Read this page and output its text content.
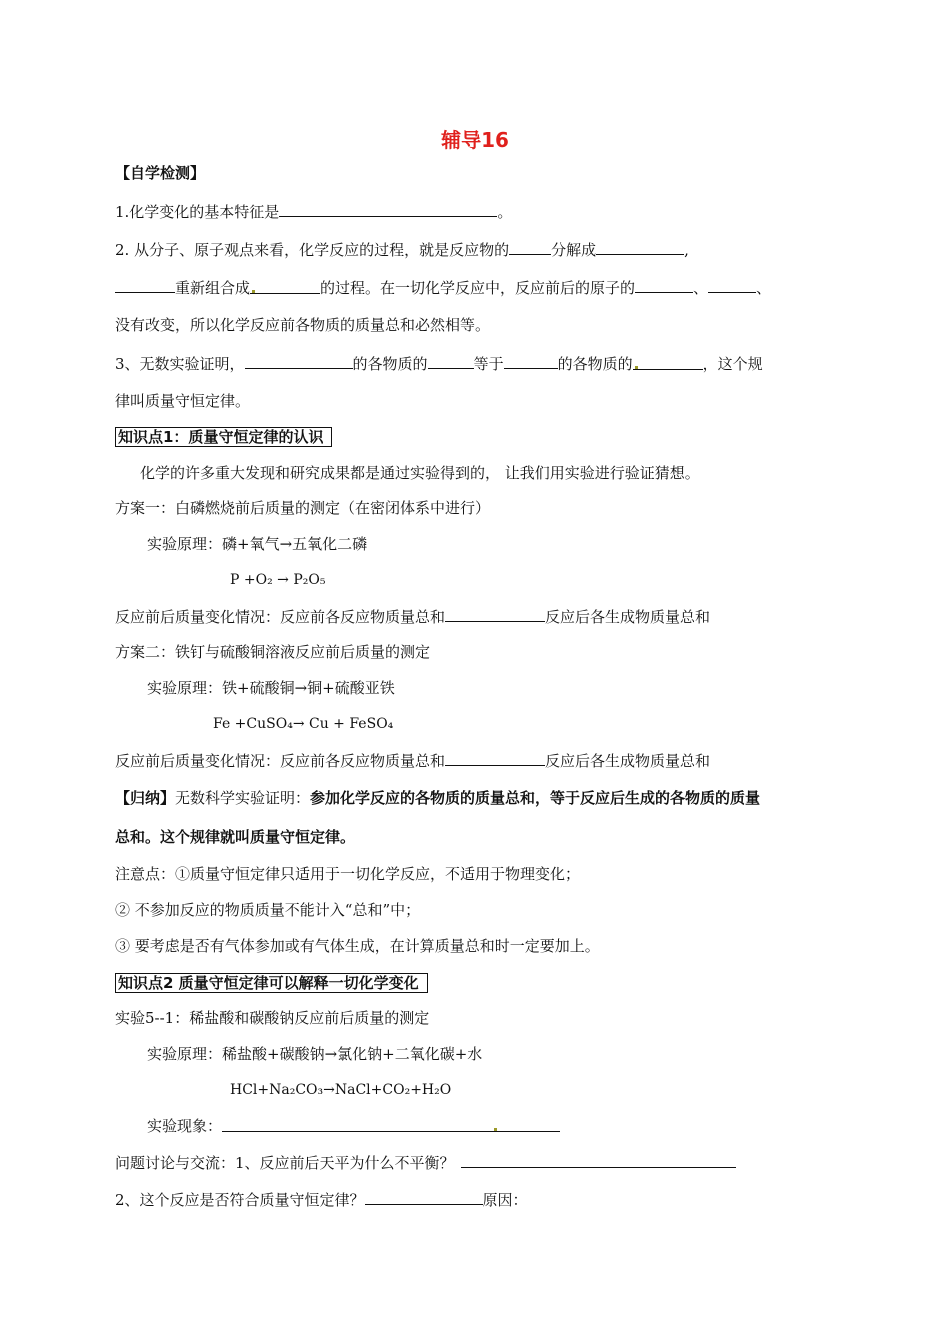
辅导16
【自学检测】
1.化学变化的基本特征是	。
2. 从分子、原子观点来看，化学反应的过程，就是反应物的	分解成	,
重新组合成	的过程。在一切化学反应中，反应前后的原子的	、	、
没有改变，所以化学反应前各物质的质量总和必然相等。
3、无数实验证明，	的各物质的	等于	的各物质的	，这个规
律叫质量守恒定律。
知识点1：质量守恒定律的认识
化学的许多重大发现和研究成果都是通过实验得到的， 让我们用实验进行验证猜想。
方案一：白磷燃烧前后质量的测定（在密闭体系中进行）
实验原理：磷+氧气→五氧化二磷
P +O₂ → P₂O₅
反应前后质量变化情况：反应前各反应物质量总和	反应后各生成物质量总和
方案二：铁钉与硫酸铜溶液反应前后质量的测定
实验原理：铁+硫酸铜→铜+硫酸亚铁
Fe +CuSO₄→ Cu + FeSO₄
反应前后质量变化情况：反应前各反应物质量总和	反应后各生成物质量总和
【归纳】无数科学实验证明：参加化学反应的各物质的质量总和，等于反应后生成的各物质的质量
总和。这个规律就叫质量守恒定律。
注意点：①质量守恒定律只适用于一切化学反应，不适用于物理变化；
② 不参加反应的物质质量不能计入“总和”中；
③ 要考虑是否有气体参加或有气体生成，在计算质量总和时一定要加上。
知识点2 质量守恒定律可以解释一切化学变化
实验5--1：稀盐酸和碳酸钠反应前后质量的测定
实验原理：稀盐酸+碳酸钠→氯化钠+二氧化碳+水
HCl+Na₂CO₃→NaCl+CO₂+H₂O
实验现象：
问题讨论与交流：1、反应前后天平为什么不平衡？
2、这个反应是否符合质量守恒定律？	原因：
